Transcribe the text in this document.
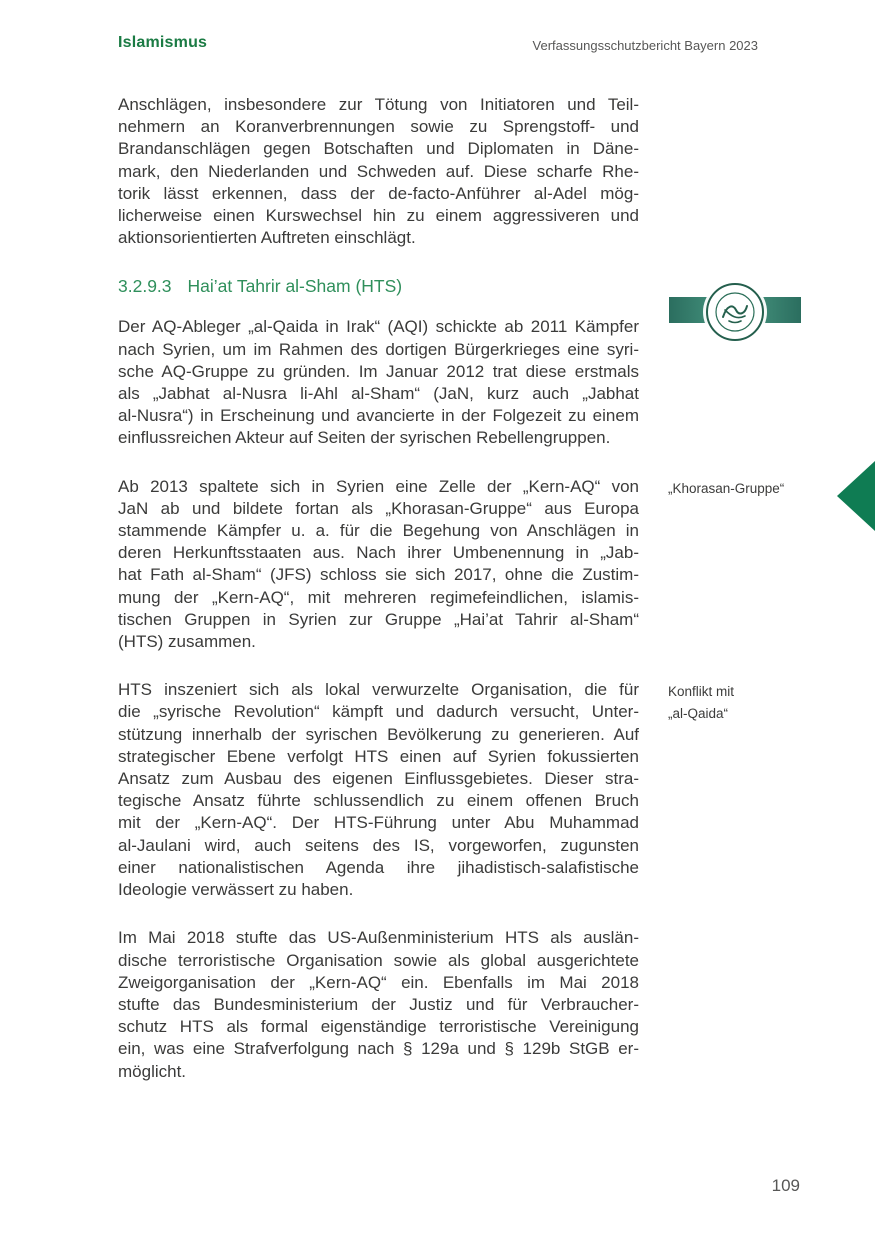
Islamismus	Verfassungsschutzbericht Bayern 2023
Anschlägen, insbesondere zur Tötung von Initiatoren und Teil-
nehmern an Koranverbrennungen sowie zu Sprengstoff- und
Brandanschlägen gegen Botschaften und Diplomaten in Däne-
mark, den Niederlanden und Schweden auf. Diese scharfe Rhe-
torik lässt erkennen, dass der de-facto-Anführer al-Adel mög-
licherweise einen Kurswechsel hin zu einem aggressiveren und
aktionsorientierten Auftreten einschlägt.
3.2.9.3 Hai’at Tahrir al-Sham (HTS)
Der AQ-Ableger „al-Qaida in Irak“ (AQI) schickte ab 2011 Kämpfer
nach Syrien, um im Rahmen des dortigen Bürgerkrieges eine syri-
sche AQ-Gruppe zu gründen. Im Januar 2012 trat diese erstmals
als „Jabhat al-Nusra li-Ahl al-Sham“ (JaN, kurz auch „Jabhat
al-Nusra“) in Erscheinung und avancierte in der Folgezeit zu einem
einflussreichen Akteur auf Seiten der syrischen Rebellengruppen.
Ab 2013 spaltete sich in Syrien eine Zelle der „Kern-AQ“ von
JaN ab und bildete fortan als „Khorasan-Gruppe“ aus Europa
stammende Kämpfer u. a. für die Begehung von Anschlägen in
deren Herkunftsstaaten aus. Nach ihrer Umbenennung in „Jab-
hat Fath al-Sham“ (JFS) schloss sie sich 2017, ohne die Zustim-
mung der „Kern-AQ“, mit mehreren regimefeindlichen, islamis-
tischen Gruppen in Syrien zur Gruppe „Hai’at Tahrir al-Sham“
(HTS) zusammen.
„Khorasan-Gruppe“
HTS inszeniert sich als lokal verwurzelte Organisation, die für
die „syrische Revolution“ kämpft und dadurch versucht, Unter-
stützung innerhalb der syrischen Bevölkerung zu generieren. Auf
strategischer Ebene verfolgt HTS einen auf Syrien fokussierten
Ansatz zum Ausbau des eigenen Einflussgebietes. Dieser stra-
tegische Ansatz führte schlussendlich zu einem offenen Bruch
mit der „Kern-AQ“. Der HTS-Führung unter Abu Muhammad
al-Jaulani wird, auch seitens des IS, vorgeworfen, zugunsten
einer nationalistischen Agenda ihre jihadistisch-salafistische
Ideologie verwässert zu haben.
Konflikt mit
„al-Qaida“
Im Mai 2018 stufte das US-Außenministerium HTS als auslän-
dische terroristische Organisation sowie als global ausgerichtete
Zweigorganisation der „Kern-AQ“ ein. Ebenfalls im Mai 2018
stufte das Bundesministerium der Justiz und für Verbraucher-
schutz HTS als formal eigenständige terroristische Vereinigung
ein, was eine Strafverfolgung nach § 129a und § 129b StGB er-
möglicht.
109
